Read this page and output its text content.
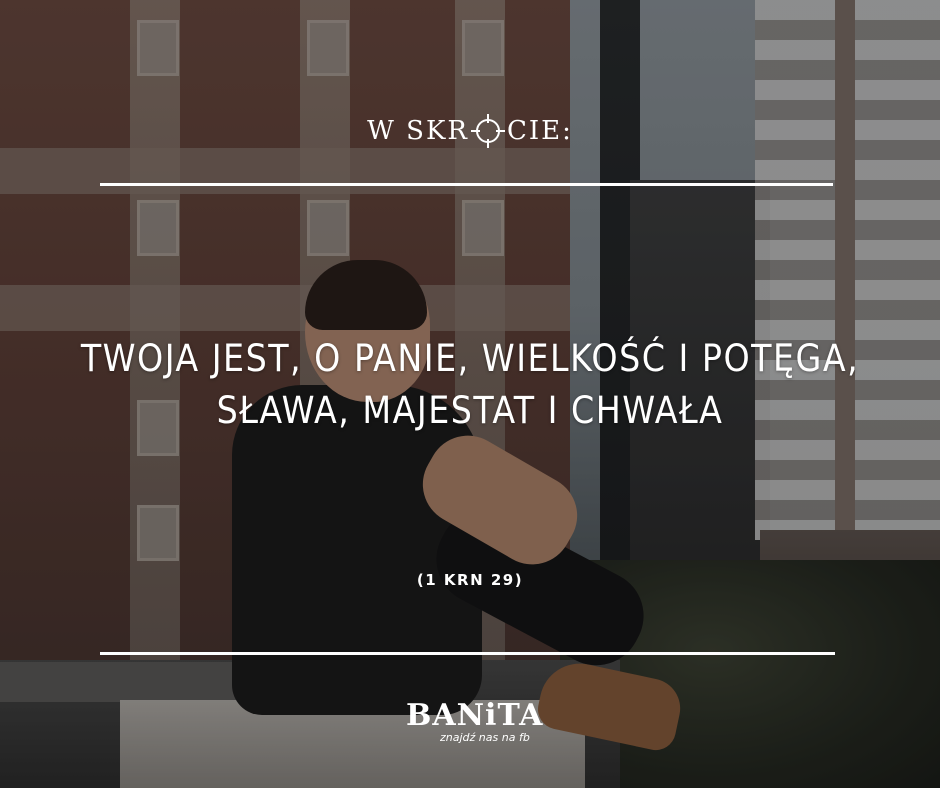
W SKR CIE:
TWOJA JEST, O PANIE, WIELKOŚĆ I POTĘGA,
SŁAWA, MAJESTAT I CHWAŁA
(1 KRN 29)
BANiTA
znajdź nas na fb
